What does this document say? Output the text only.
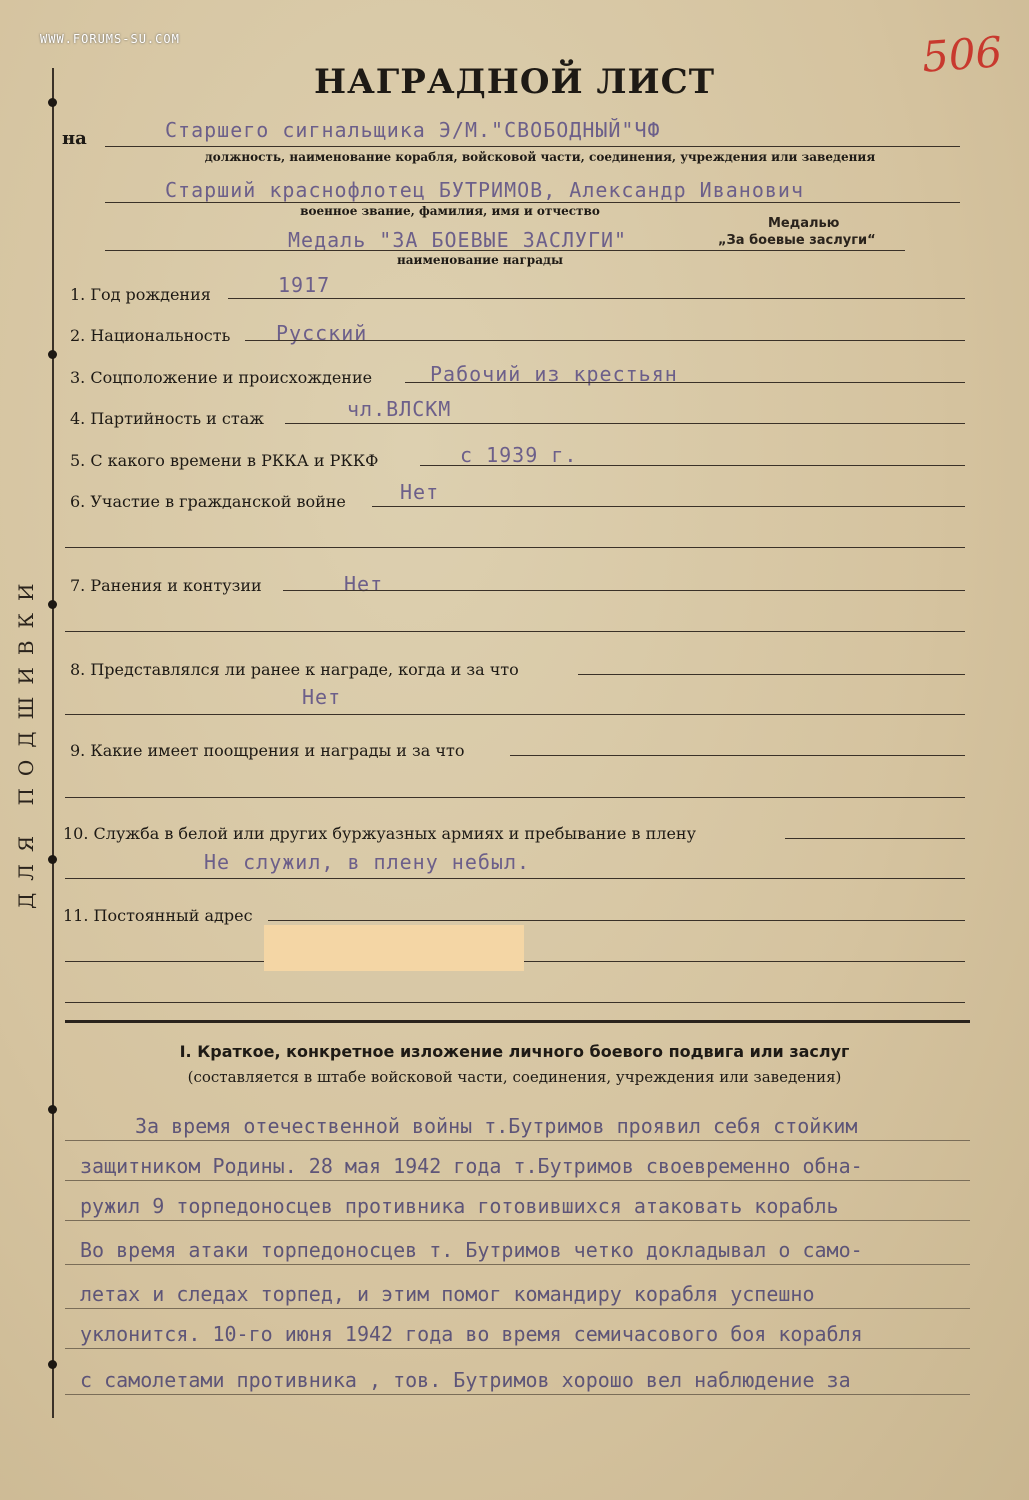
WWW.FORUMS-SU.COM	506
НАГРАДНОЙ ЛИСТ
ДЛЯ ПОДШИВКИ
на	Старшего сигнальщика Э/М."СВОБОДНЫЙ"ЧФ
должность, наименование корабля, войсковой части, соединения, учреждения или заведения
Старший краснофлотец БУТРИМОВ, Александр Иванович
военное звание, фамилия, имя и отчество
Медалью
„За боевые заслуги“
Медаль "ЗА БОЕВЫЕ ЗАСЛУГИ"
наименование награды
1. Год рождения	1917
2. Национальность Русский
3. Соцположение и происхождение	Рабочий из крестьян
4. Партийность и стаж	чл.ВЛСКМ
5. С какого времени в РККА и РККФ	с 1939 г.
6. Участие в гражданской войне	Нет
7. Ранения и контузии	Нет
8. Представлялся ли ранее к награде, когда и за что
Нет
9. Какие имеет поощрения и награды и за что
10. Служба в белой или других буржуазных армиях и пребывание в плену
Не служил, в плену небыл.
11. Постоянный адрес
I. Краткое, конкретное изложение личного боевого подвига или заслуг
(составляется в штабе войсковой части, соединения, учреждения или заведения)
За время отечественной войны т.Бутримов проявил себя стойким
защитником Родины. 28 мая 1942 года т.Бутримов своевременно обна-
ружил 9 торпедоносцев противника готовившихся атаковать корабль
Во время атаки торпедоносцев т. Бутримов четко докладывал о само-
летах и следах торпед, и этим помог командиру корабля успешно
уклонится. 10-го июня 1942 года во время семичасового боя корабля
с самолетами противника , тов. Бутримов хорошо вел наблюдение за
